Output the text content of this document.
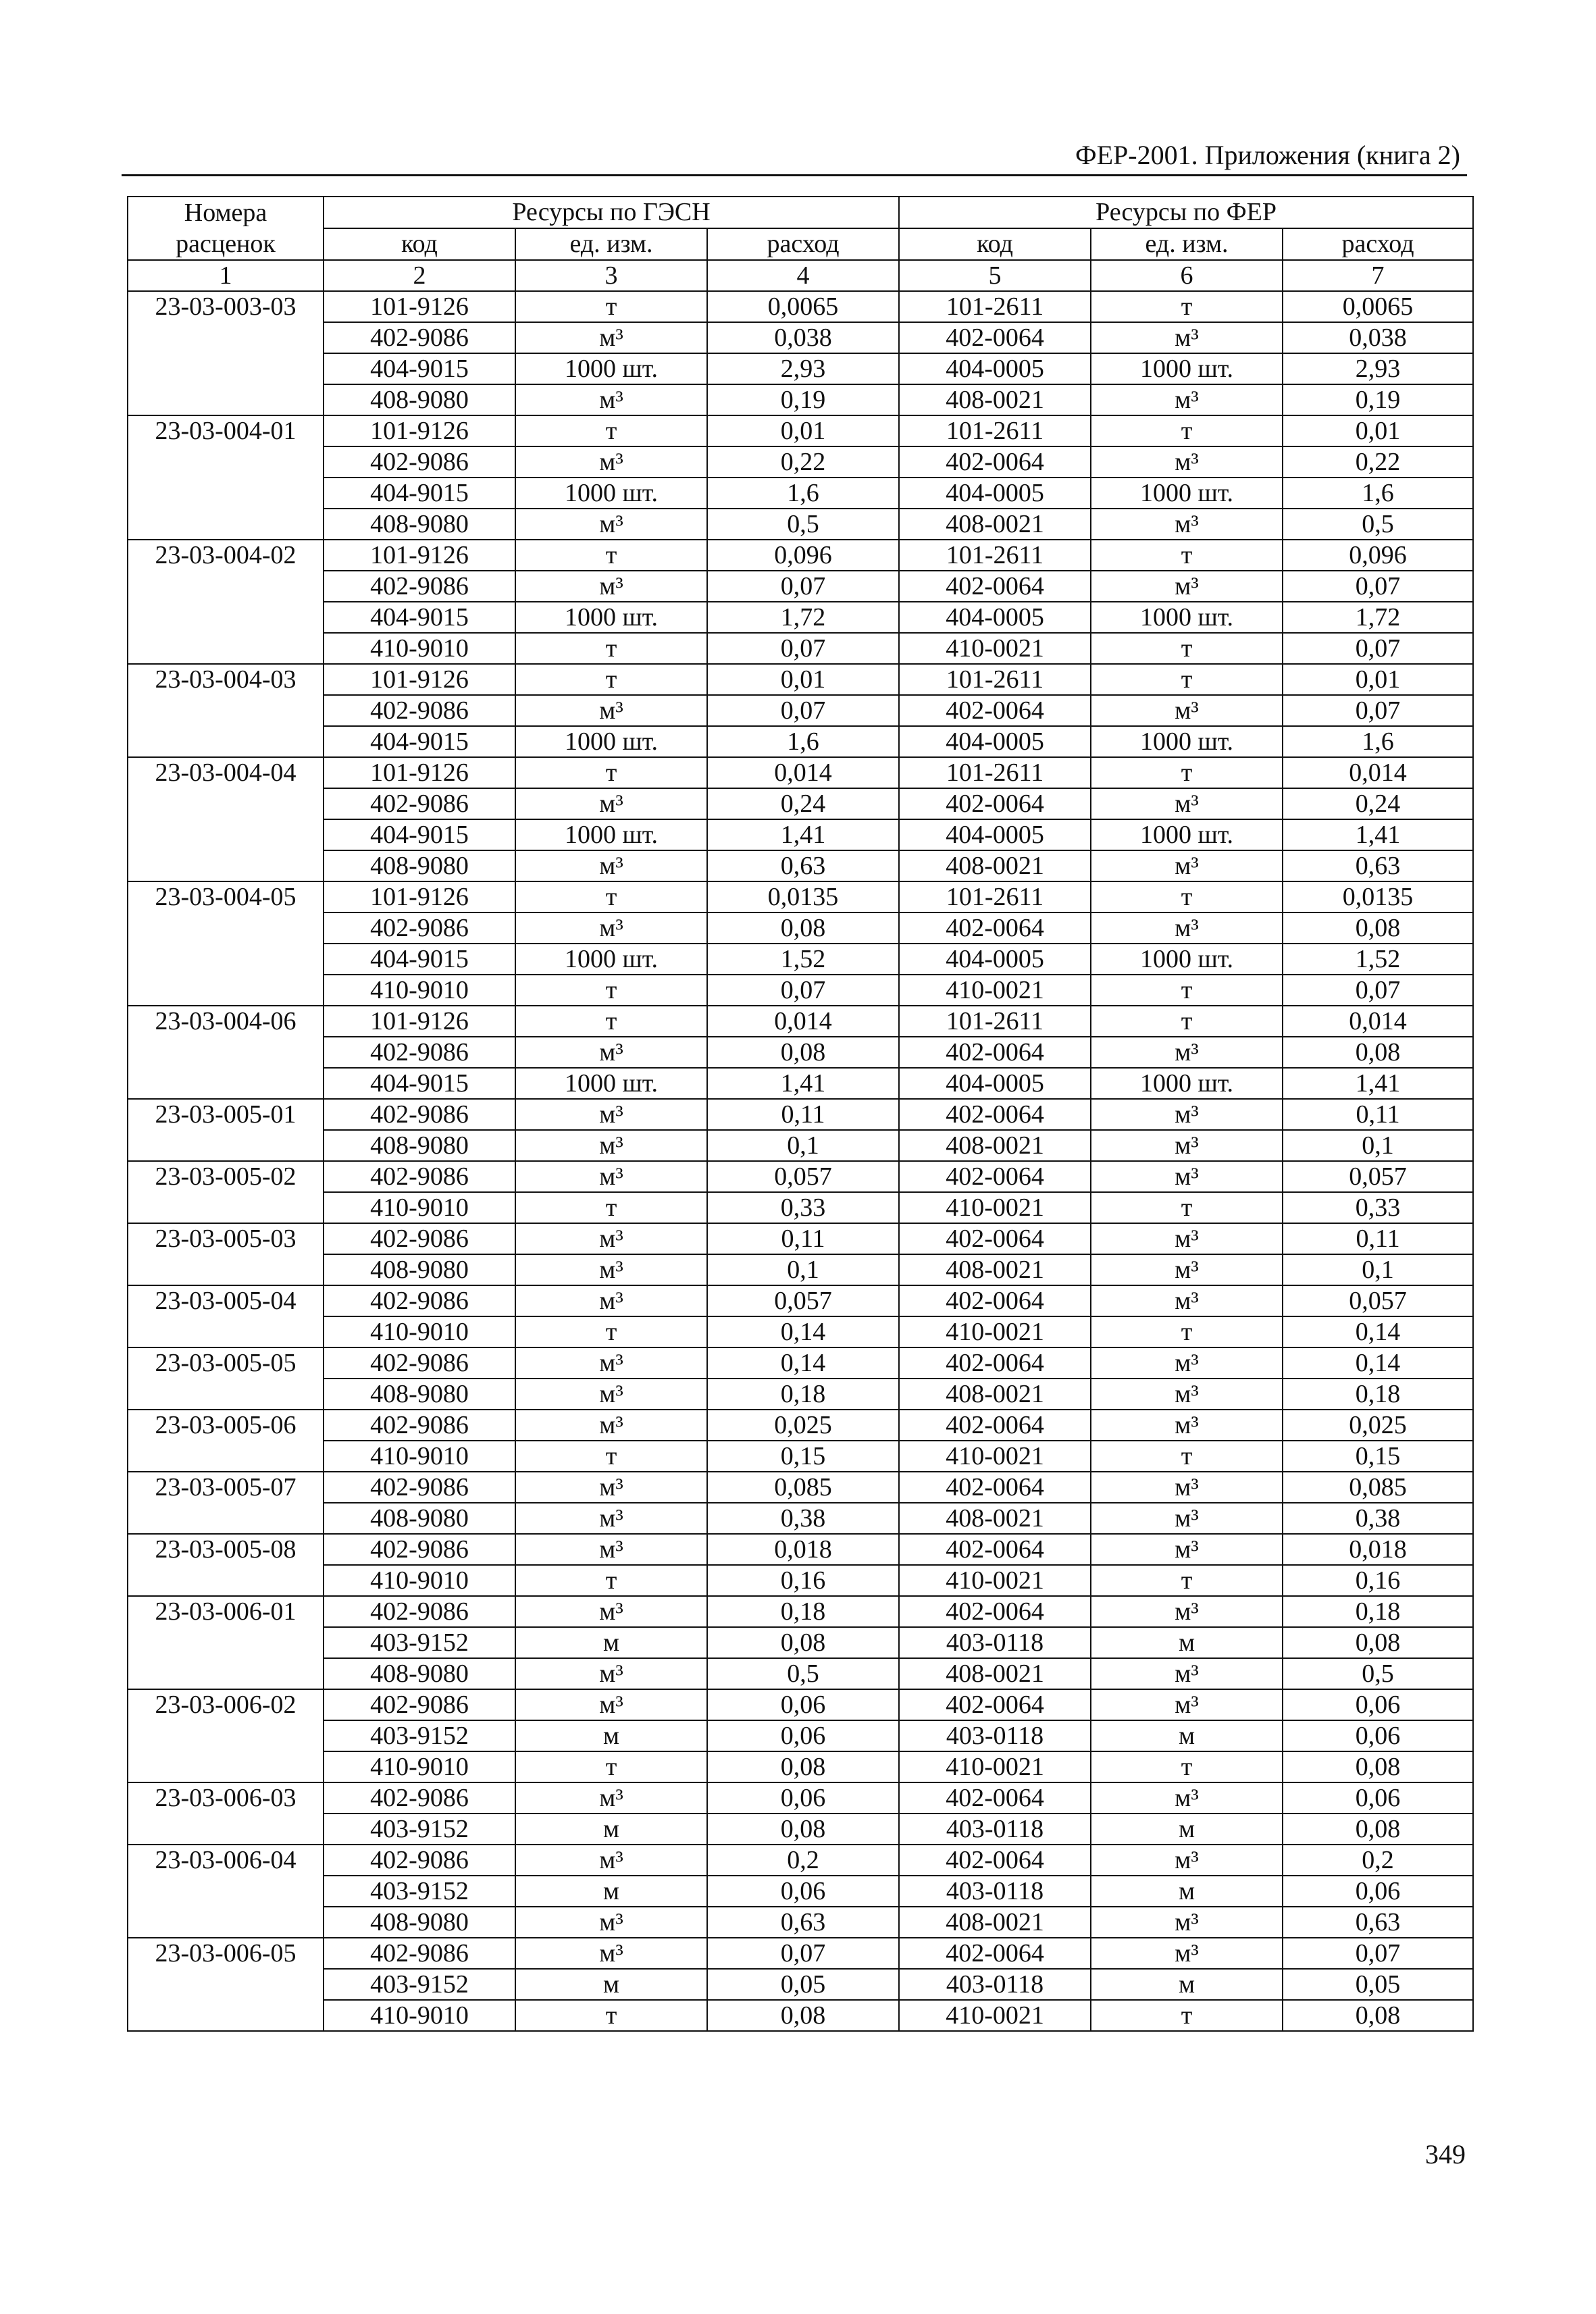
ФЕР-2001. Приложения (книга 2)
Номера
расценок	Ресурсы по ГЭСН			Ресурсы по ФЕР		
	код	ед. изм.	расход	код	ед. изм.	расход
1	2	3	4	5	6	7
23-03-003-03	101-9126	т	0,0065	101-2611	т	0,0065
	402-9086	м³	0,038	402-0064	м³	0,038
	404-9015	1000 шт.	2,93	404-0005	1000 шт.	2,93
	408-9080	м³	0,19	408-0021	м³	0,19
23-03-004-01	101-9126	т	0,01	101-2611	т	0,01
	402-9086	м³	0,22	402-0064	м³	0,22
	404-9015	1000 шт.	1,6	404-0005	1000 шт.	1,6
	408-9080	м³	0,5	408-0021	м³	0,5
23-03-004-02	101-9126	т	0,096	101-2611	т	0,096
	402-9086	м³	0,07	402-0064	м³	0,07
	404-9015	1000 шт.	1,72	404-0005	1000 шт.	1,72
	410-9010	т	0,07	410-0021	т	0,07
23-03-004-03	101-9126	т	0,01	101-2611	т	0,01
	402-9086	м³	0,07	402-0064	м³	0,07
	404-9015	1000 шт.	1,6	404-0005	1000 шт.	1,6
23-03-004-04	101-9126	т	0,014	101-2611	т	0,014
	402-9086	м³	0,24	402-0064	м³	0,24
	404-9015	1000 шт.	1,41	404-0005	1000 шт.	1,41
	408-9080	м³	0,63	408-0021	м³	0,63
23-03-004-05	101-9126	т	0,0135	101-2611	т	0,0135
	402-9086	м³	0,08	402-0064	м³	0,08
	404-9015	1000 шт.	1,52	404-0005	1000 шт.	1,52
	410-9010	т	0,07	410-0021	т	0,07
23-03-004-06	101-9126	т	0,014	101-2611	т	0,014
	402-9086	м³	0,08	402-0064	м³	0,08
	404-9015	1000 шт.	1,41	404-0005	1000 шт.	1,41
23-03-005-01	402-9086	м³	0,11	402-0064	м³	0,11
	408-9080	м³	0,1	408-0021	м³	0,1
23-03-005-02	402-9086	м³	0,057	402-0064	м³	0,057
	410-9010	т	0,33	410-0021	т	0,33
23-03-005-03	402-9086	м³	0,11	402-0064	м³	0,11
	408-9080	м³	0,1	408-0021	м³	0,1
23-03-005-04	402-9086	м³	0,057	402-0064	м³	0,057
	410-9010	т	0,14	410-0021	т	0,14
23-03-005-05	402-9086	м³	0,14	402-0064	м³	0,14
	408-9080	м³	0,18	408-0021	м³	0,18
23-03-005-06	402-9086	м³	0,025	402-0064	м³	0,025
	410-9010	т	0,15	410-0021	т	0,15
23-03-005-07	402-9086	м³	0,085	402-0064	м³	0,085
	408-9080	м³	0,38	408-0021	м³	0,38
23-03-005-08	402-9086	м³	0,018	402-0064	м³	0,018
	410-9010	т	0,16	410-0021	т	0,16
23-03-006-01	402-9086	м³	0,18	402-0064	м³	0,18
	403-9152	м	0,08	403-0118	м	0,08
	408-9080	м³	0,5	408-0021	м³	0,5
23-03-006-02	402-9086	м³	0,06	402-0064	м³	0,06
	403-9152	м	0,06	403-0118	м	0,06
	410-9010	т	0,08	410-0021	т	0,08
23-03-006-03	402-9086	м³	0,06	402-0064	м³	0,06
	403-9152	м	0,08	403-0118	м	0,08
23-03-006-04	402-9086	м³	0,2	402-0064	м³	0,2
	403-9152	м	0,06	403-0118	м	0,06
	408-9080	м³	0,63	408-0021	м³	0,63
23-03-006-05	402-9086	м³	0,07	402-0064	м³	0,07
	403-9152	м	0,05	403-0118	м	0,05
	410-9010	т	0,08	410-0021	т	0,08
349
